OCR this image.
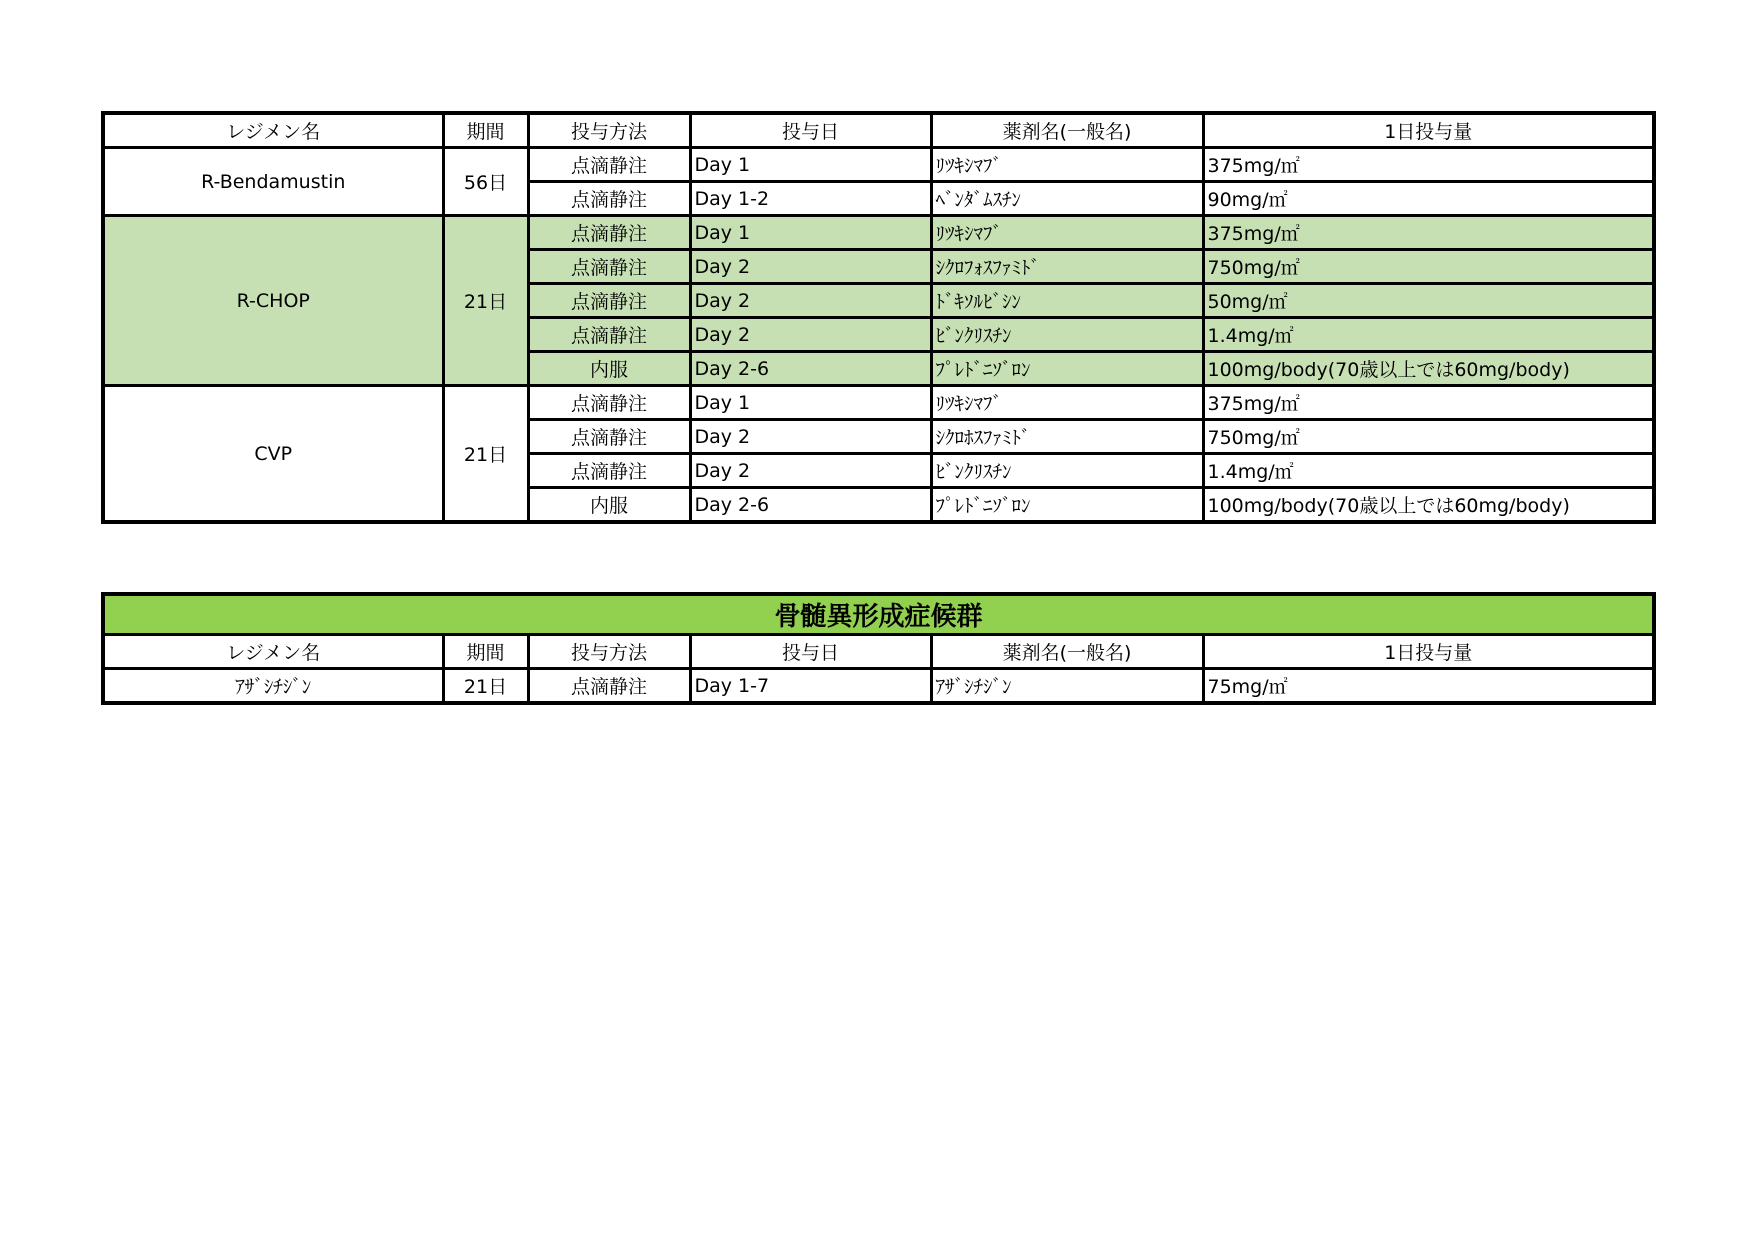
レジメン名	期間	投与方法	投与日	薬剤名(一般名)	1日投与量
R-Bendamustin	56日	点滴静注	Day 1	ﾘﾂｷｼﾏﾌﾞ	375mg/㎡
		点滴静注	Day 1-2	ﾍﾞﾝﾀﾞﾑｽﾁﾝ	90mg/㎡
R-CHOP	21日	点滴静注	Day 1	ﾘﾂｷｼﾏﾌﾞ	375mg/㎡
		点滴静注	Day 2	ｼｸﾛﾌｫｽﾌｧﾐﾄﾞ	750mg/㎡
		点滴静注	Day 2	ﾄﾞｷｿﾙﾋﾞｼﾝ	50mg/㎡
		点滴静注	Day 2	ﾋﾞﾝｸﾘｽﾁﾝ	1.4mg/㎡
		内服	Day 2-6	ﾌﾟﾚﾄﾞﾆｿﾞﾛﾝ	100mg/body(70歳以上では60mg/body)
CVP	21日	点滴静注	Day 1	ﾘﾂｷｼﾏﾌﾞ	375mg/㎡
		点滴静注	Day 2	ｼｸﾛﾎｽﾌｧﾐﾄﾞ	750mg/㎡
		点滴静注	Day 2	ﾋﾞﾝｸﾘｽﾁﾝ	1.4mg/㎡
		内服	Day 2-6	ﾌﾟﾚﾄﾞﾆｿﾞﾛﾝ	100mg/body(70歳以上では60mg/body)
骨髄異形成症候群					
レジメン名	期間	投与方法	投与日	薬剤名(一般名)	1日投与量
ｱｻﾞｼﾁｼﾞﾝ	21日	点滴静注	Day 1-7	ｱｻﾞｼﾁｼﾞﾝ	75mg/㎡
